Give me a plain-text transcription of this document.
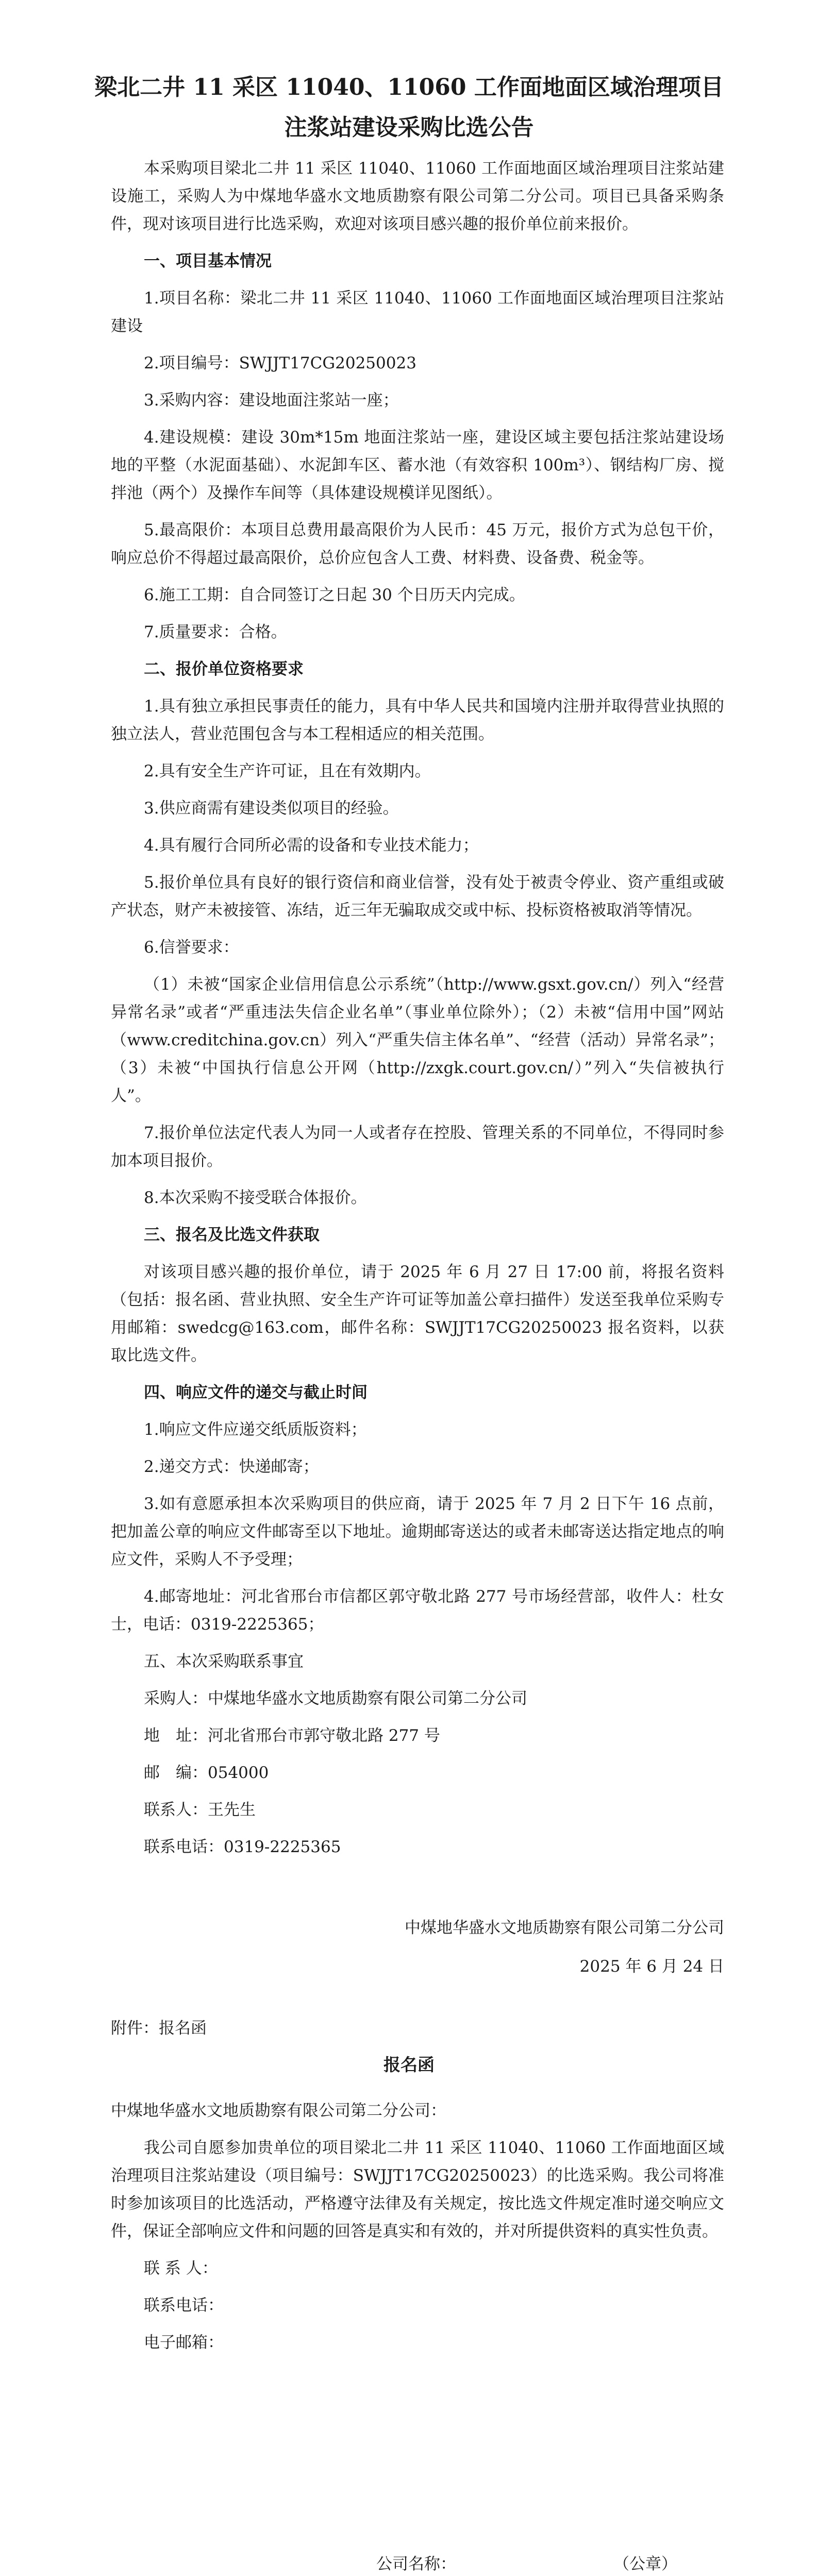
梁北二井 11 采区 11040、11060 工作面地面区域治理项目
注浆站建设采购比选公告

本采购项目梁北二井 11 采区 11040、11060 工作面地面区域治理项目注浆站建设施工，采购人为中煤地华盛水文地质勘察有限公司第二分公司。项目已具备采购条件，现对该项目进行比选采购，欢迎对该项目感兴趣的报价单位前来报价。

一、项目基本情况

1.项目名称：梁北二井 11 采区 11040、11060 工作面地面区域治理项目注浆站建设

2.项目编号：SWJJT17CG20250023

3.采购内容：建设地面注浆站一座；

4.建设规模：建设 30m*15m 地面注浆站一座，建设区域主要包括注浆站建设场地的平整（水泥面基础）、水泥卸车区、蓄水池（有效容积 100m³）、钢结构厂房、搅拌池（两个）及操作车间等（具体建设规模详见图纸）。

5.最高限价：本项目总费用最高限价为人民币：45 万元，报价方式为总包干价，响应总价不得超过最高限价，总价应包含人工费、材料费、设备费、税金等。

6.施工工期：自合同签订之日起 30 个日历天内完成。

7.质量要求：合格。

二、报价单位资格要求

1.具有独立承担民事责任的能力，具有中华人民共和国境内注册并取得营业执照的独立法人，营业范围包含与本工程相适应的相关范围。

2.具有安全生产许可证，且在有效期内。

3.供应商需有建设类似项目的经验。

4.具有履行合同所必需的设备和专业技术能力；

5.报价单位具有良好的银行资信和商业信誉，没有处于被责令停业、资产重组或破产状态，财产未被接管、冻结，近三年无骗取成交或中标、投标资格被取消等情况。

6.信誉要求：

（1）未被“国家企业信用信息公示系统”（http://www.gsxt.gov.cn/）列入“经营异常名录”或者“严重违法失信企业名单”（事业单位除外）；（2）未被“信用中国”网站（www.creditchina.gov.cn）列入“严重失信主体名单”、“经营（活动）异常名录”；（3）未被“中国执行信息公开网（http://zxgk.court.gov.cn/）”列入“失信被执行人”。

7.报价单位法定代表人为同一人或者存在控股、管理关系的不同单位，不得同时参加本项目报价。

8.本次采购不接受联合体报价。

三、报名及比选文件获取

对该项目感兴趣的报价单位，请于 2025 年 6 月 27 日 17:00 前，将报名资料（包括：报名函、营业执照、安全生产许可证等加盖公章扫描件）发送至我单位采购专用邮箱：swedcg@163.com，邮件名称：SWJJT17CG20250023 报名资料，以获取比选文件。

四、响应文件的递交与截止时间

1.响应文件应递交纸质版资料；

2.递交方式：快递邮寄；

3.如有意愿承担本次采购项目的供应商，请于 2025 年 7 月 2 日下午 16 点前，把加盖公章的响应文件邮寄至以下地址。逾期邮寄送达的或者未邮寄送达指定地点的响应文件，采购人不予受理；

4.邮寄地址：河北省邢台市信都区郭守敬北路 277 号市场经营部，收件人：杜女士，电话：0319-2225365；

五、本次采购联系事宜

采购人：中煤地华盛水文地质勘察有限公司第二分公司

地　址：河北省邢台市郭守敬北路 277 号

邮　编：054000

联系人：王先生

联系电话：0319-2225365

中煤地华盛水文地质勘察有限公司第二分公司
2025 年 6 月 24 日
附件：报名函
报名函

中煤地华盛水文地质勘察有限公司第二分公司：

我公司自愿参加贵单位的项目梁北二井 11 采区 11040、11060 工作面地面区域治理项目注浆站建设（项目编号：SWJJT17CG20250023）的比选采购。我公司将准时参加该项目的比选活动，严格遵守法律及有关规定，按比选文件规定准时递交响应文件，保证全部响应文件和问题的回答是真实和有效的，并对所提供资料的真实性负责。

联 系 人：

联系电话：

电子邮箱：

公司名称：	（公章）
